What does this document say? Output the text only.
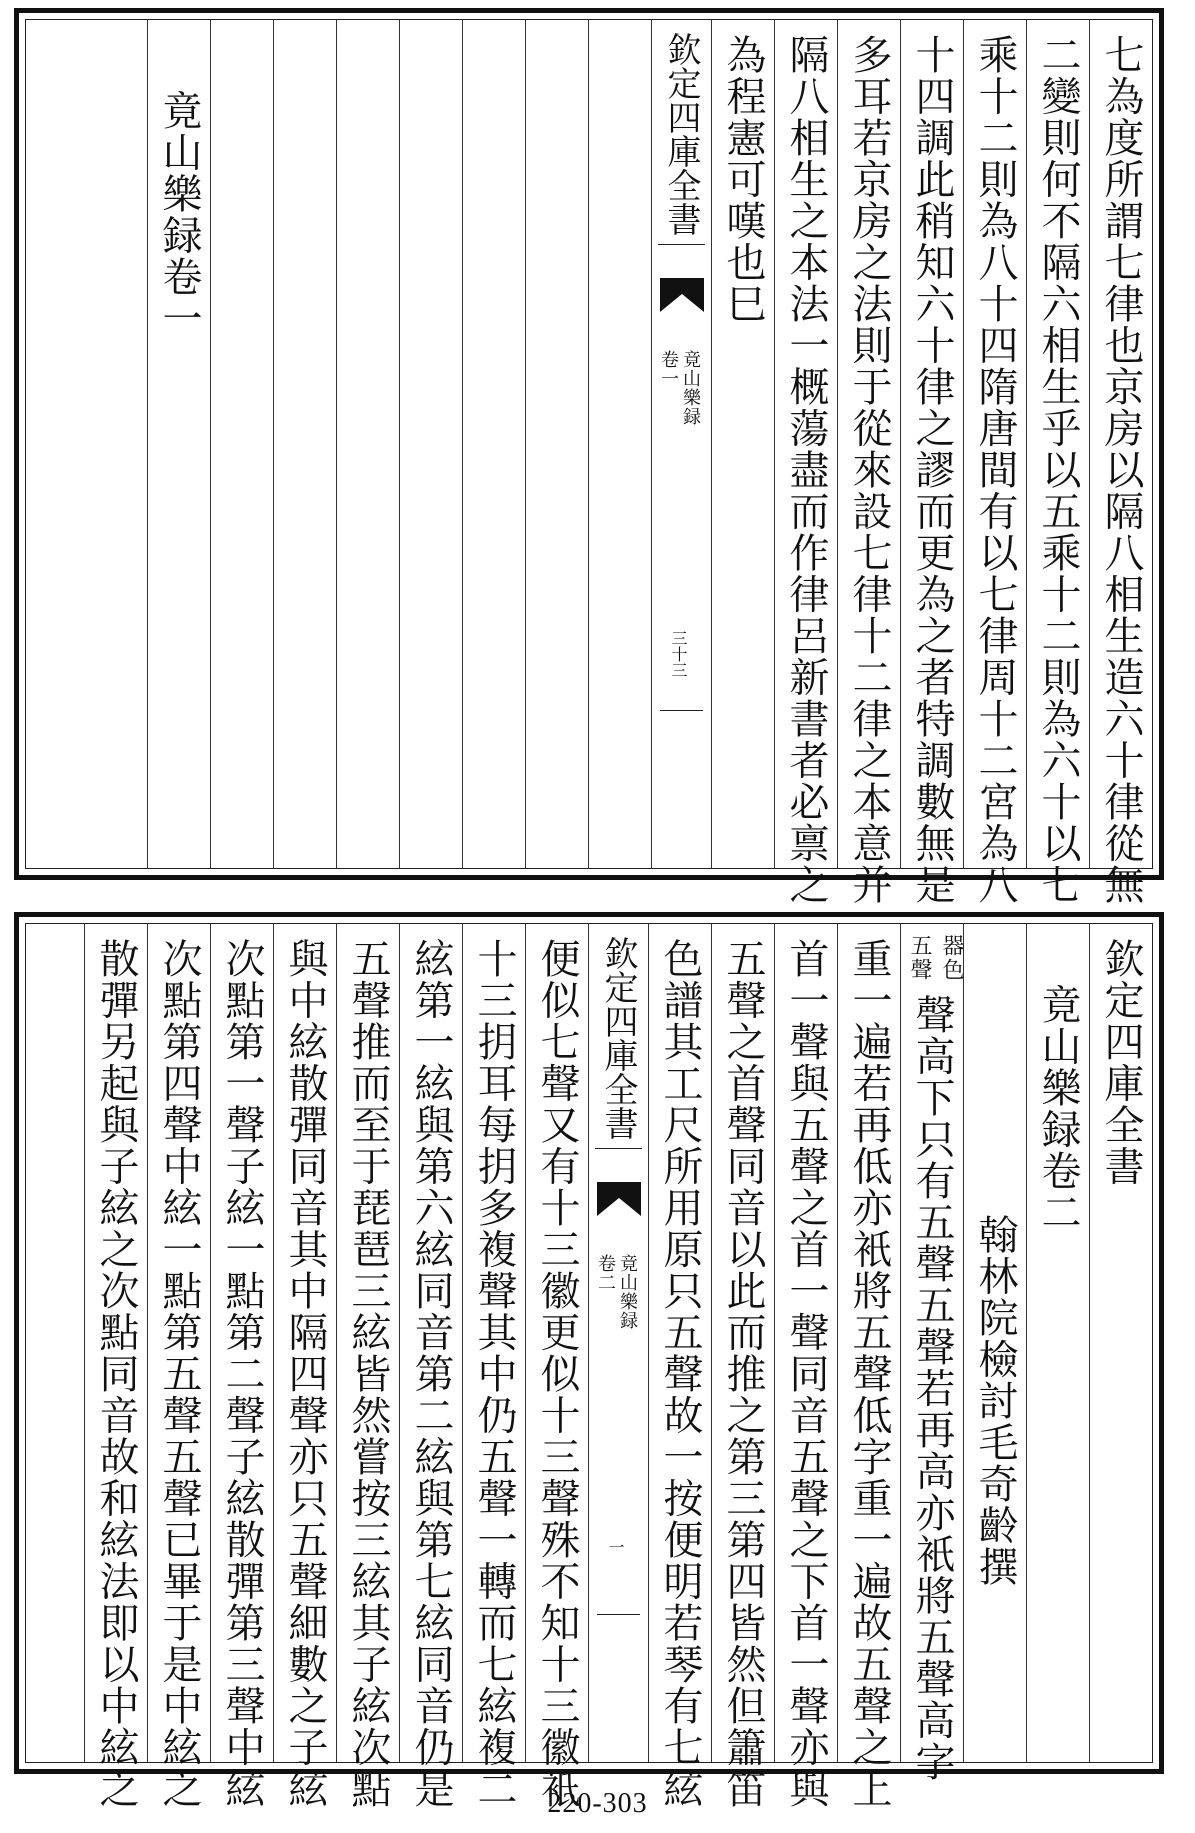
七為度所謂七律也京房以隔八相生造六十律從無
二變則何不隔六相生乎以五乘十二則為六十以七
乘十二則為八十四隋唐間有以七律周十二宮為八
十四調此稍知六十律之謬而更為之者特調數無是
多耳若京房之法則于從來設七律十二律之本意并
隔八相生之本法一概蕩盡而作律呂新書者必禀之
為程憲可嘆也巳
欽定四庫全書
竟山樂録
卷一
三十三
竟山樂録卷一
欽定四庫全書
竟山樂録卷二
翰林院檢討毛奇齡撰
器色
五聲
聲高下只有五聲五聲若再高亦衹將五聲高字
重一遍若再低亦衹將五聲低字重一遍故五聲之上
首一聲與五聲之首一聲同音五聲之下首一聲亦與
五聲之首聲同音以此而推之第三第四皆然但簫笛
色譜其工尺所用原只五聲故一按便明若琴有七絃
欽定四庫全書
竟山樂録
卷二
一
便似七聲又有十三徽更似十三聲殊不知十三徽衹
十三抈耳每抈多複聲其中仍五聲一轉而七絃複二
絃第一絃與第六絃同音第二絃與第七絃同音仍是
五聲推而至于琵琶三絃皆然嘗按三絃其子絃次點
與中絃散彈同音其中隔四聲亦只五聲細數之子絃
次點第一聲子絃一點第二聲子絃散彈第三聲中絃
次點第四聲中絃一點第五聲五聲已畢于是中絃之
散彈另起與子絃之次點同音故和絃法即以中絃之	220-303
